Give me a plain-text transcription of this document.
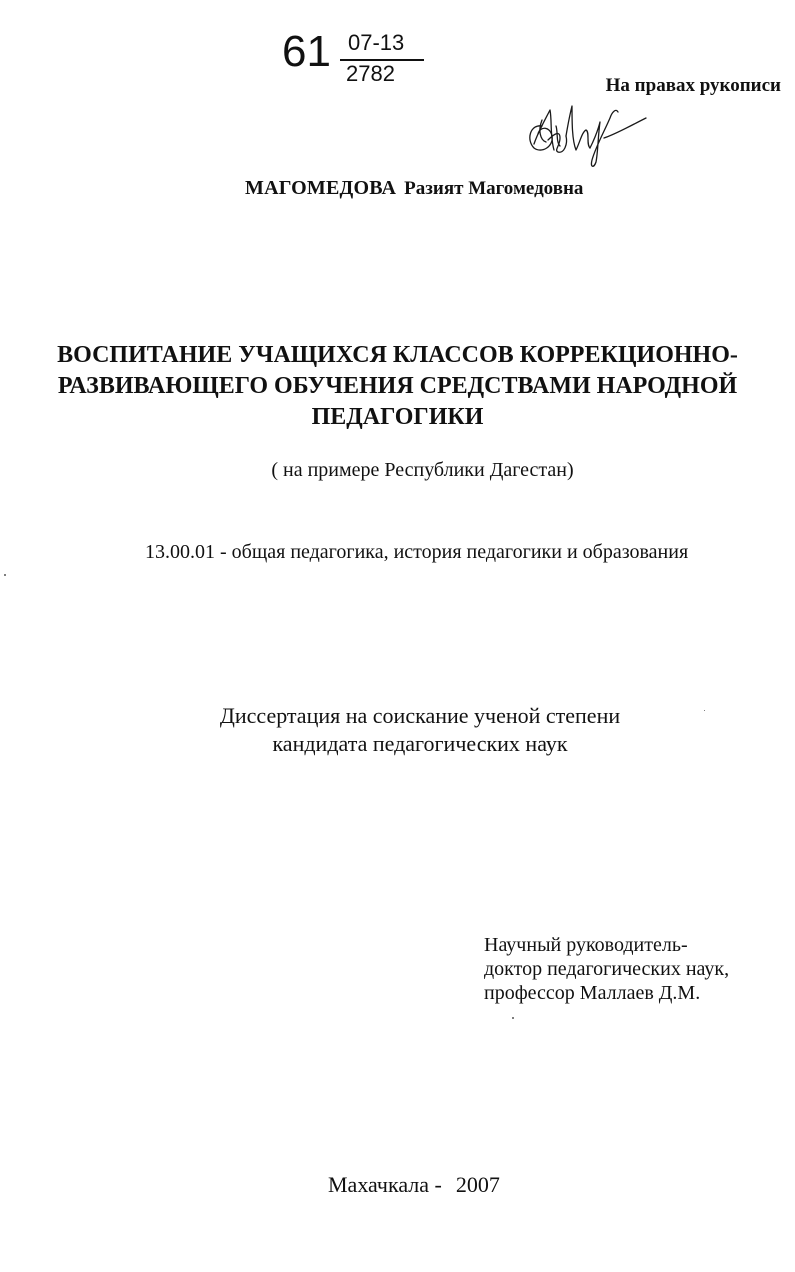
61 07-13
2782	На правах рукописи
МАГОМЕДОВА Разият Магомедовна
ВОСПИТАНИЕ УЧАЩИХСЯ КЛАССОВ КОРРЕКЦИОННО-
РАЗВИВАЮЩЕГО ОБУЧЕНИЯ СРЕДСТВАМИ НАРОДНОЙ
ПЕДАГОГИКИ
( на примере Республики Дагестан)
13.00.01 - общая педагогика, история педагогики и образования
Диссертация на соискание ученой степени
кандидата педагогических наук
Научный руководитель-
доктор педагогических наук,
профессор Маллаев Д.М.
Махачкала - 2007
